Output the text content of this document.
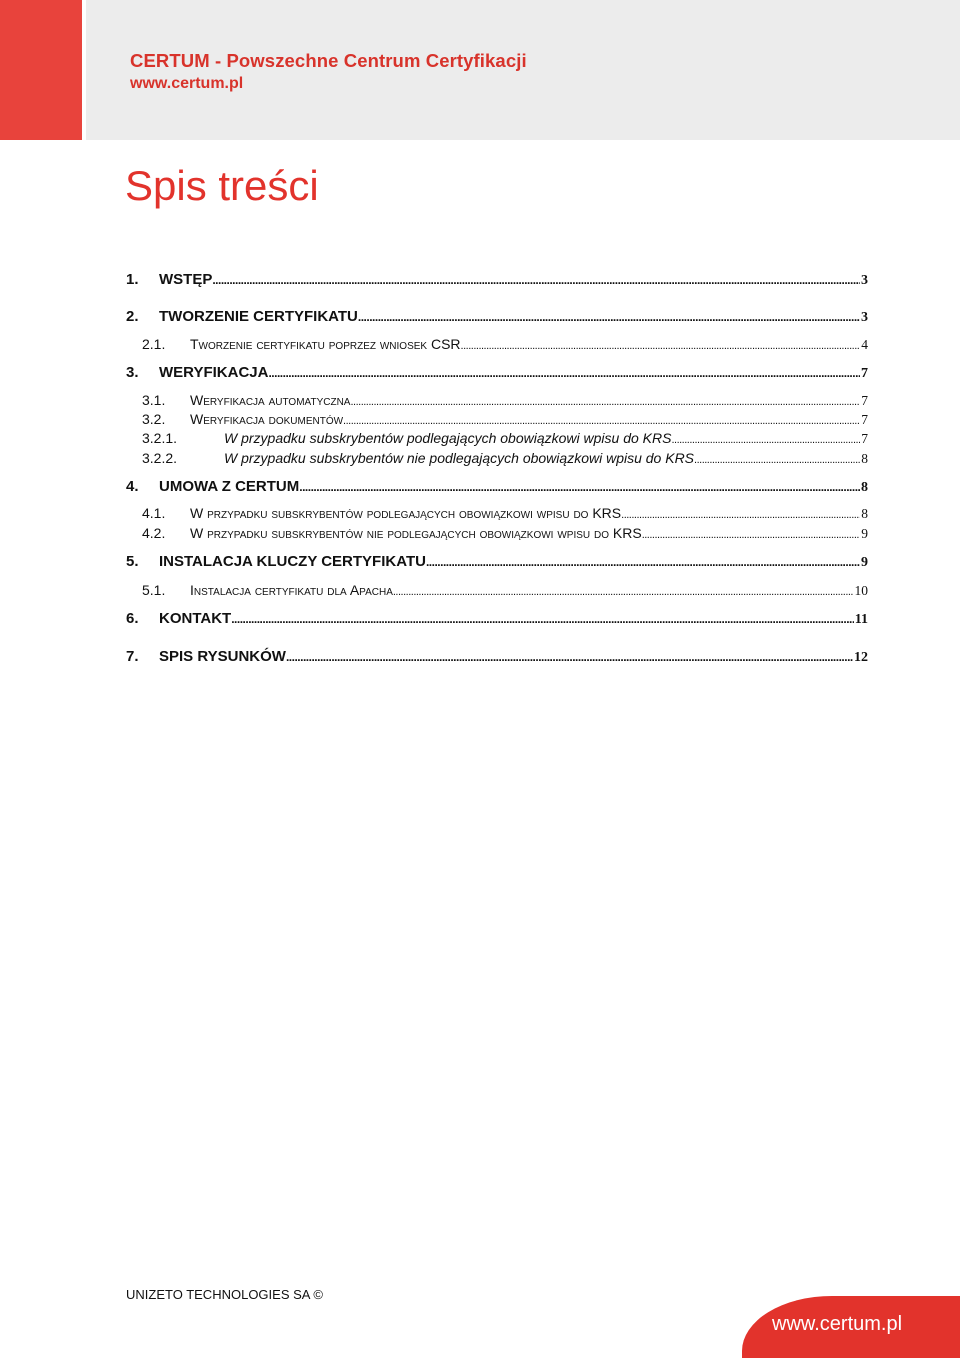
CERTUM - Powszechne Centrum Certyfikacji
www.certum.pl
Spis treści
1.	WSTĘP .....	3
2.	TWORZENIE CERTYFIKATU .....	3
2.1.	Tworzenie certyfikatu poprzez wniosek CSR .....	4
3.	WERYFIKACJA .....	7
3.1.	Weryfikacja automatyczna .....	7
3.2.	Weryfikacja dokumentów .....	7
3.2.1.	W przypadku subskrybentów podlegających obowiązkowi wpisu do KRS .....	7
3.2.2.	W przypadku subskrybentów nie podlegających obowiązkowi wpisu do KRS .....	8
4.	UMOWA Z CERTUM .....	8
4.1.	W przypadku subskrybentów podlegających obowiązkowi wpisu do KRS .....	8
4.2.	W przypadku subskrybentów nie podlegających obowiązkowi wpisu do KRS .....	9
5.	INSTALACJA KLUCZY CERTYFIKATU .....	9
5.1.	Instalacja certyfikatu dla Apacha .....	10
6.	KONTAKT .....	11
7.	SPIS RYSUNKÓW .....	12
UNIZETO TECHNOLOGIES SA ©
www.certum.pl
